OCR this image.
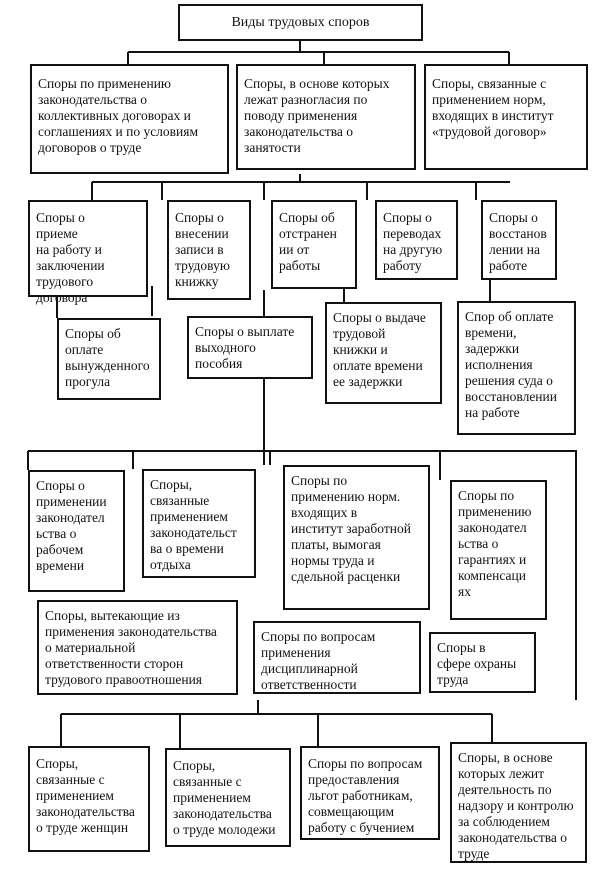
Виды трудовых споров
Споры по применению
законодательства о
коллективных договорах и
соглашениях и по условиям
договоров о труде
Споры, в основе которых
лежат разногласия по
поводу применения
законодательства о
занятости
Споры, связанные с
применением норм,
входящих в институт
«трудовой договор»
Споры о
приеме
на работу и
заключении
трудового
договора
Споры о
внесении
записи в
трудовую
книжку
Споры об
отстранен
ии от
работы
Споры о
переводах
на другую
работу
Споры о
восстанов
лении на
работе
Споры об
оплате
вынужденного
прогула
Споры о выплате
выходного
пособия
Споры о выдаче
трудовой
книжки и
оплате времени
ее задержки
Спор об оплате
времени,
задержки
исполнения
решения суда о
восстановлении
на работе
Споры о
применении
законодател
ьства о
рабочем
времени
Споры,
связанные
применением
законодательст
ва о времени
отдыха
Споры по
применению норм.
входящих в
институт заработной
платы, вымогая
нормы труда и
сдельной расценки
Споры по
применению
законодател
ьства о
гарантиях и
компенсаци
ях
Споры, вытекающие из
применения законодательства
о материальной
ответственности сторон
трудового правоотношения
Споры по вопросам
применения
дисциплинарной
ответственности
Споры в
сфере охраны
труда
Споры,
связанные с
применением
законодательства
о труде женщин
Споры,
связанные с
применением
законодательства
о труде молодежи
Споры по вопросам
предоставления
льгот работникам,
совмещающим
работу с бучением
Споры, в основе
которых лежит
деятельность по
надзору и контролю
за соблюдением
законодательства о
труде
